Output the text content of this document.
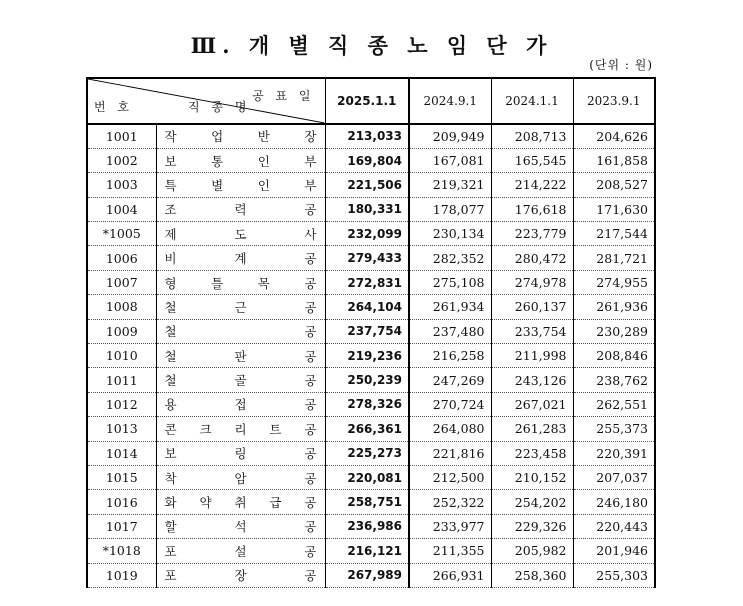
Ⅲ. 개 별 직 종 노 임 단 가
(단위 : 원)
공 표 일
번 호 직 종 명		2025.1.1	2024.9.1	2024.1.1	2023.9.1
1001	작 업 반 장	213,033	209,949	208,713	204,626
1002	보 통 인 부	169,804	167,081	165,545	161,858
1003	특 별 인 부	221,506	219,321	214,222	208,527
1004	조 력 공	180,331	178,077	176,618	171,630
*1005	제 도 사	232,099	230,134	223,779	217,544
1006	비 계 공	279,433	282,352	280,472	281,721
1007	형 틀 목 공	272,831	275,108	274,978	274,955
1008	철 근 공	264,104	261,934	260,137	261,936
1009	철 공	237,754	237,480	233,754	230,289
1010	철 판 공	219,236	216,258	211,998	208,846
1011	철 골 공	250,239	247,269	243,126	238,762
1012	용 접 공	278,326	270,724	267,021	262,551
1013	콘 크 리 트 공	266,361	264,080	261,283	255,373
1014	보 링 공	225,273	221,816	223,458	220,391
1015	착 암 공	220,081	212,500	210,152	207,037
1016	화 약 취 급 공	258,751	252,322	254,202	246,180
1017	할 석 공	236,986	233,977	229,326	220,443
*1018	포 설 공	216,121	211,355	205,982	201,946
1019	포 장 공	267,989	266,931	258,360	255,303
